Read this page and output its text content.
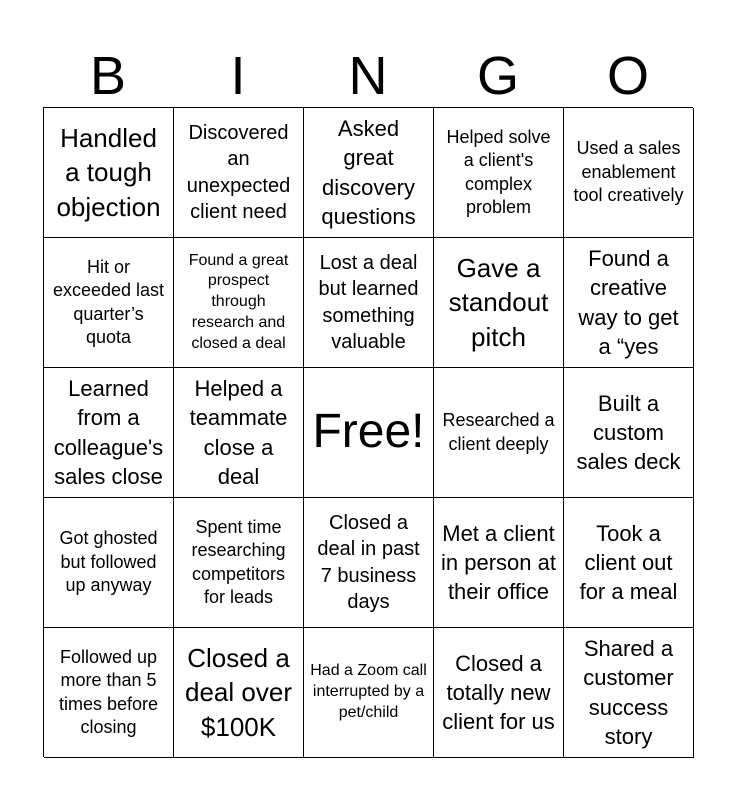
B	I	N	G	O
Handled a tough objection
Discovered an unexpected client need
Asked great discovery questions
Helped solve a client's complex problem
Used a sales enablement tool creatively
Hit or exceeded last quarter’s quota
Found a great prospect through research and closed a deal
Lost a deal but learned something valuable
Gave a standout pitch
Found a creative way to get a “yes
Learned from a colleague's sales close
Helped a teammate close a deal
Free! Researched a client deeply
Built a custom sales deck
Got ghosted but followed up anyway
Spent time researching competitors for leads
Closed a deal in past 7 business days
Met a client in person at their office
Took a client out for a meal
Followed up more than 5 times before closing
Closed a deal over $100K
Had a Zoom call interrupted by a pet/child
Closed a totally new client for us
Shared a customer success story
